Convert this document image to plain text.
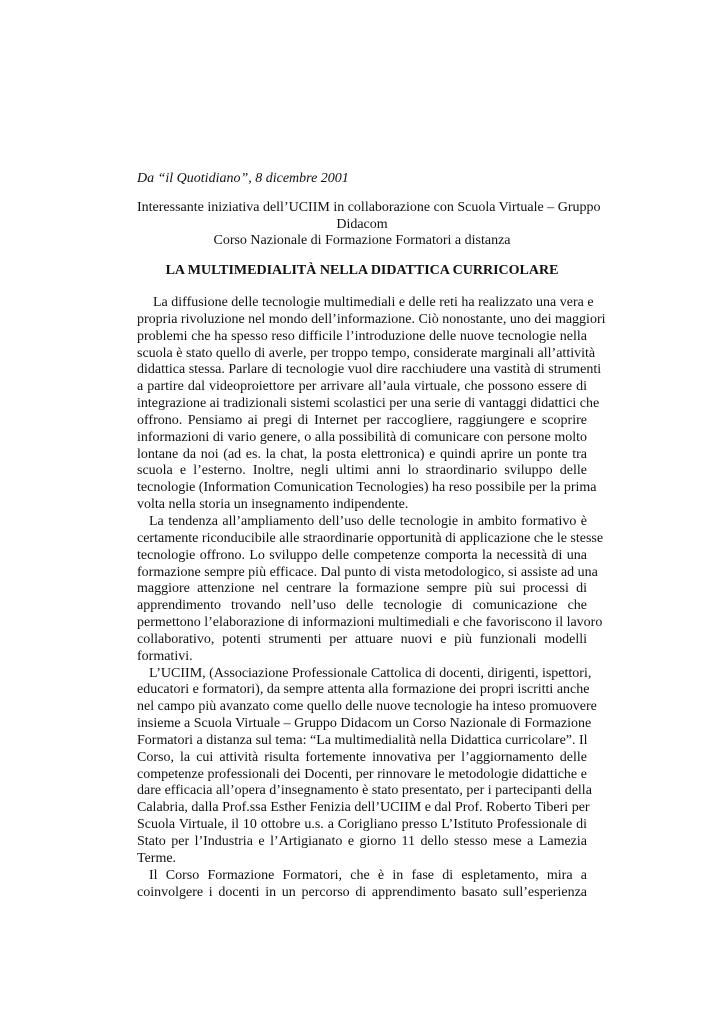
Da “il Quotidiano”, 8 dicembre 2001
Interessante iniziativa dell’UCIIM in collaborazione con Scuola Virtuale – Gruppo
Didacom
Corso Nazionale di Formazione Formatori a distanza
LA MULTIMEDIALITÀ NELLA DIDATTICA CURRICOLARE
La diffusione delle tecnologie multimediali e delle reti ha realizzato una vera e
propria rivoluzione nel mondo dell’informazione. Ciò nonostante, uno dei maggiori
problemi che ha spesso reso difficile l’introduzione delle nuove tecnologie nella
scuola è stato quello di averle, per troppo tempo, considerate marginali all’attività
didattica stessa. Parlare di tecnologie vuol dire racchiudere una vastità di strumenti
a partire dal videoproiettore per arrivare all’aula virtuale, che possono essere di
integrazione ai tradizionali sistemi scolastici per una serie di vantaggi didattici che
offrono. Pensiamo ai pregi di Internet per raccogliere, raggiungere e scoprire
informazioni di vario genere, o alla possibilità di comunicare con persone molto
lontane da noi (ad es. la chat, la posta elettronica) e quindi aprire un ponte tra
scuola e l’esterno. Inoltre, negli ultimi anni lo straordinario sviluppo delle
tecnologie (Information Comunication Tecnologies) ha reso possibile per la prima
volta nella storia un insegnamento indipendente.
La tendenza all’ampliamento dell’uso delle tecnologie in ambito formativo è
certamente riconducibile alle straordinarie opportunità di applicazione che le stesse
tecnologie offrono. Lo sviluppo delle competenze comporta la necessità di una
formazione sempre più efficace. Dal punto di vista metodologico, si assiste ad una
maggiore attenzione nel centrare la formazione sempre più sui processi di
apprendimento trovando nell’uso delle tecnologie di comunicazione che
permettono l’elaborazione di informazioni multimediali e che favoriscono il lavoro
collaborativo, potenti strumenti per attuare nuovi e più funzionali modelli
formativi.
L’UCIIM, (Associazione Professionale Cattolica di docenti, dirigenti, ispettori,
educatori e formatori), da sempre attenta alla formazione dei propri iscritti anche
nel campo più avanzato come quello delle nuove tecnologie ha inteso promuovere
insieme a Scuola Virtuale – Gruppo Didacom un Corso Nazionale di Formazione
Formatori a distanza sul tema: “La multimedialità nella Didattica curricolare”. Il
Corso, la cui attività risulta fortemente innovativa per l’aggiornamento delle
competenze professionali dei Docenti, per rinnovare le metodologie didattiche e
dare efficacia all’opera d’insegnamento è stato presentato, per i partecipanti della
Calabria, dalla Prof.ssa Esther Fenizia dell’UCIIM e dal Prof. Roberto Tiberi per
Scuola Virtuale, il 10 ottobre u.s. a Corigliano presso L’Istituto Professionale di
Stato per l’Industria e l’Artigianato e giorno 11 dello stesso mese a Lamezia
Terme.
Il Corso Formazione Formatori, che è in fase di espletamento, mira a
coinvolgere i docenti in un percorso di apprendimento basato sull’esperienza
